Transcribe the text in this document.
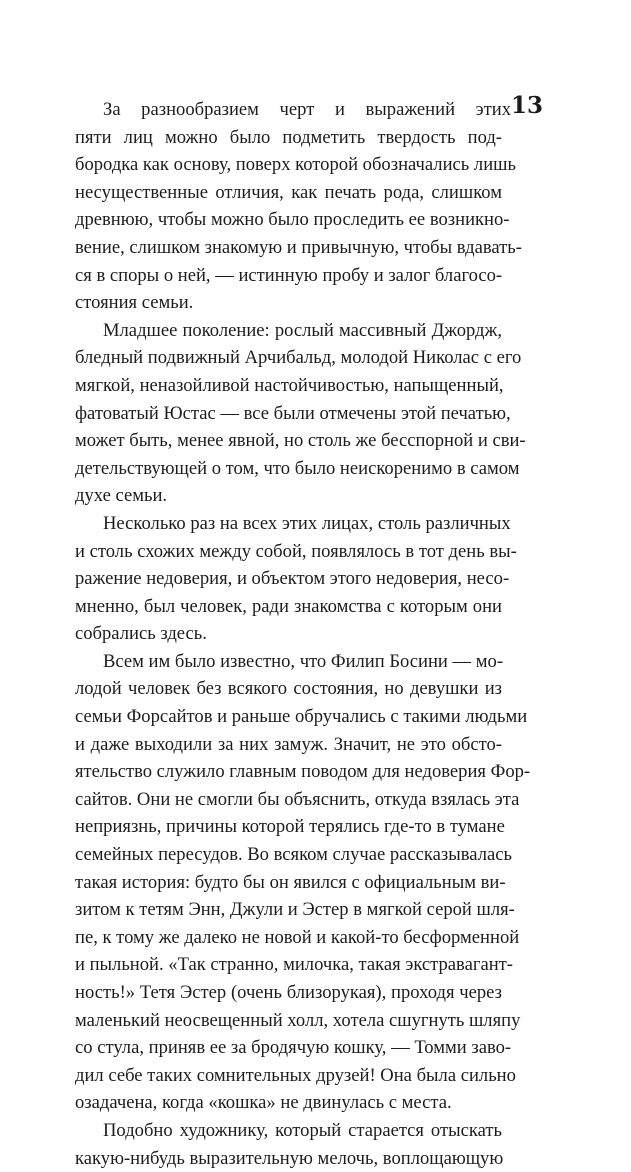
13
За разнообразием черт и выражений этих
пяти лиц можно было подметить твердость под-
бородка как основу, поверх которой обозначались лишь
несущественные отличия, как печать рода, слишком
древнюю, чтобы можно было проследить ее возникно-
вение, слишком знакомую и привычную, чтобы вдавать-
ся в споры о ней, — истинную пробу и залог благосо-
стояния семьи.
Младшее поколение: рослый массивный Джордж,
бледный подвижный Арчибальд, молодой Николас с его
мягкой, неназойливой настойчивостью, напыщенный,
фатоватый Юстас — все были отмечены этой печатью,
может быть, менее явной, но столь же бесспорной и сви-
детельствующей о том, что было неискоренимо в самом
духе семьи.
Несколько раз на всех этих лицах, столь различных
и столь схожих между собой, появлялось в тот день вы-
ражение недоверия, и объектом этого недоверия, несо-
мненно, был человек, ради знакомства с которым они
собрались здесь.
Всем им было известно, что Филип Босини — мо-
лодой человек без всякого состояния, но девушки из
семьи Форсайтов и раньше обручались с такими людьми
и даже выходили за них замуж. Значит, не это обсто-
ятельство служило главным поводом для недоверия Фор-
сайтов. Они не смогли бы объяснить, откуда взялась эта
неприязнь, причины которой терялись где-то в тумане
семейных пересудов. Во всяком случае рассказывалась
такая история: будто бы он явился с официальным ви-
зитом к тетям Энн, Джули и Эстер в мягкой серой шля-
пе, к тому же далеко не новой и какой-то бесформенной
и пыльной. «Так странно, милочка, такая экстравагант-
ность!» Тетя Эстер (очень близорукая), проходя через
маленький неосвещенный холл, хотела сшугнуть шляпу
со стула, приняв ее за бродячую кошку, — Томми заво-
дил себе таких сомнительных друзей! Она была сильно
озадачена, когда «кошка» не двинулась с места.
Подобно художнику, который старается отыскать
какую-нибудь выразительную мелочь, воплощающую
